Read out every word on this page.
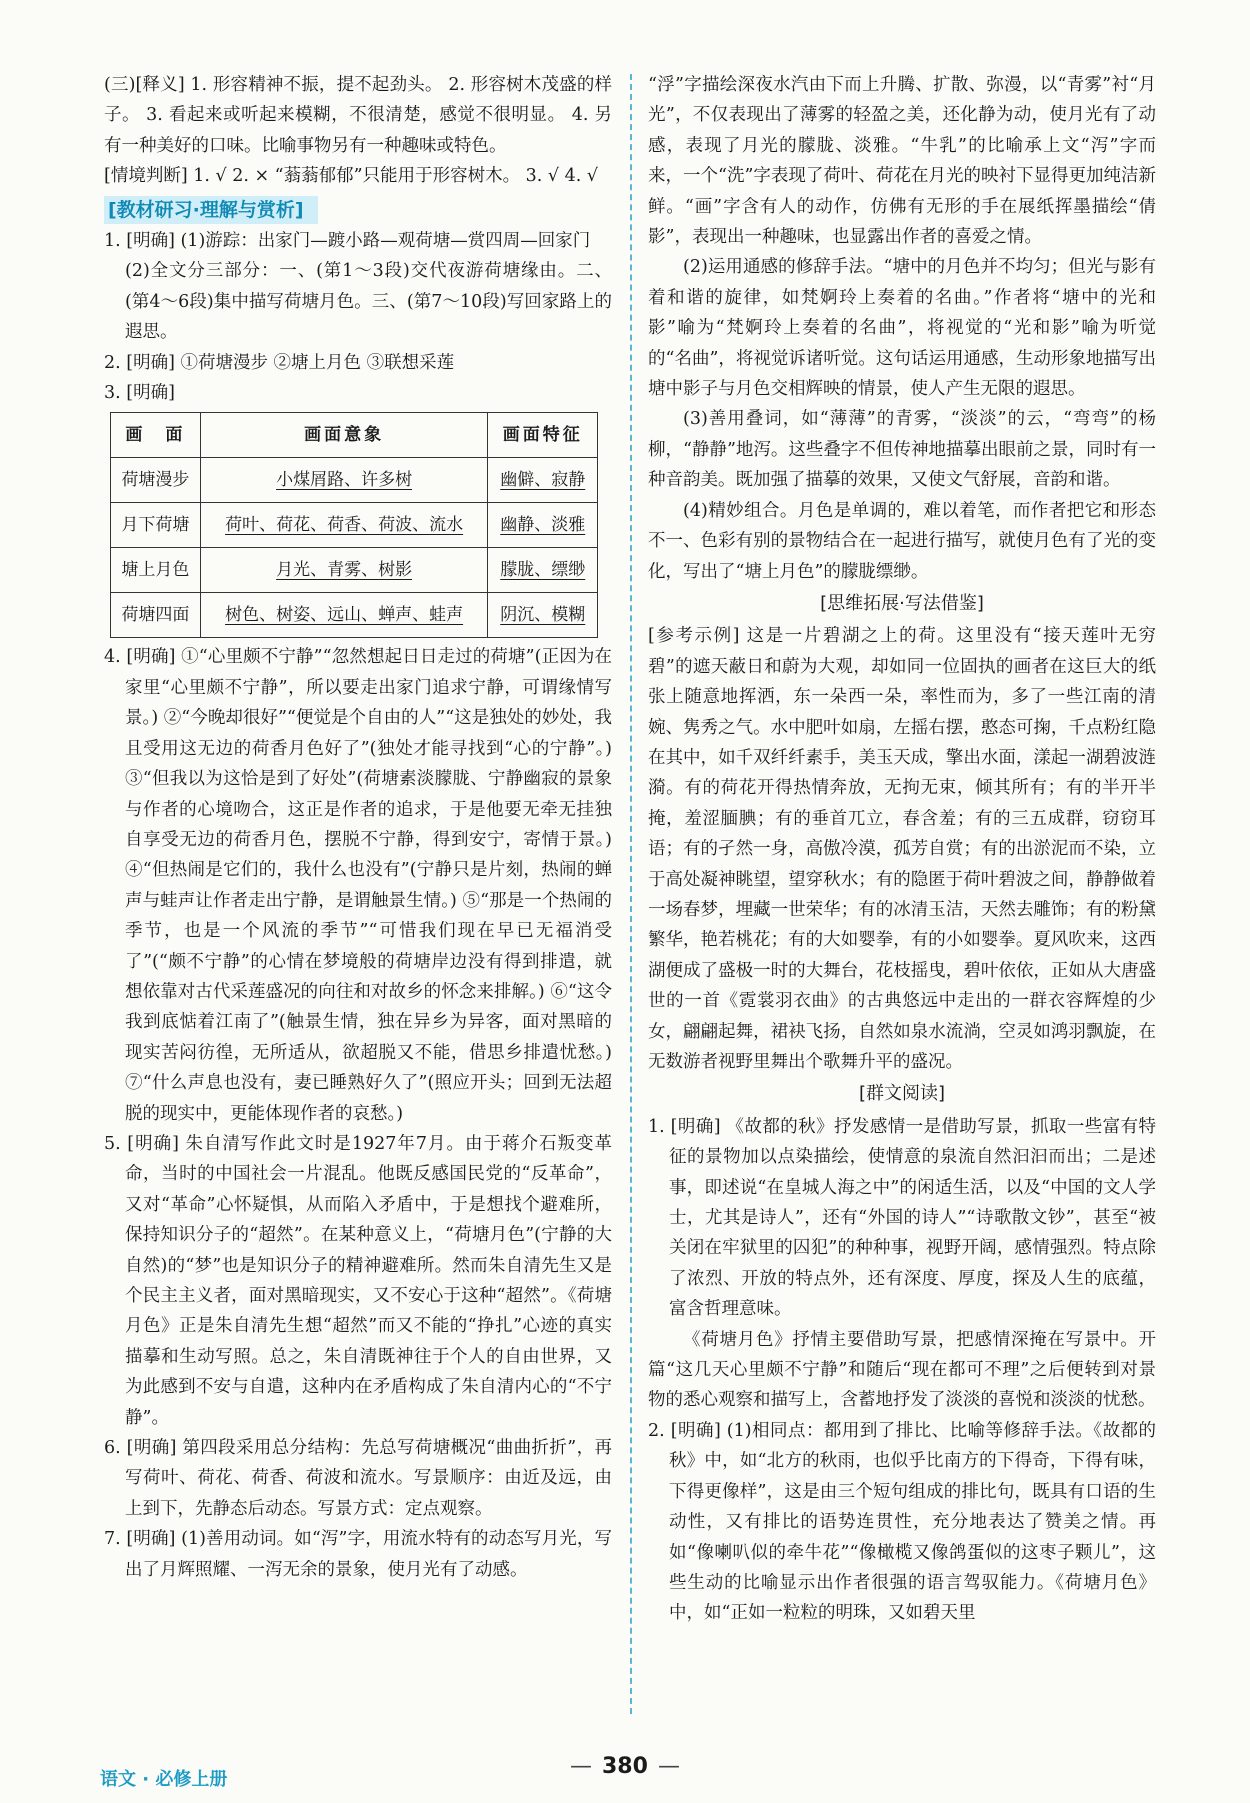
(三)[释义] 1. 形容精神不振，提不起劲头。 2. 形容树木茂盛的样子。 3. 看起来或听起来模糊，不很清楚，感觉不很明显。 4. 另有一种美好的口味。比喻事物另有一种趣味或特色。

[情境判断] 1. √ 2. × “蓊蓊郁郁”只能用于形容树木。 3. √ 4. √

[教材研习·理解与赏析]

1. [明确] (1)游踪：出家门—踱小路—观荷塘—赏四周—回家门

(2)全文分三部分：一、(第1～3段)交代夜游荷塘缘由。二、(第4～6段)集中描写荷塘月色。三、(第7～10段)写回家路上的遐思。

2. [明确] ①荷塘漫步 ②塘上月色 ③联想采莲

3. [明确]

画　面	画面意象	画面特征
荷塘漫步	小煤屑路、许多树	幽僻、寂静
月下荷塘	荷叶、荷花、荷香、荷波、流水	幽静、淡雅
塘上月色	月光、青雾、树影	朦胧、缥缈
荷塘四面	树色、树姿、远山、蝉声、蛙声	阴沉、模糊

4. [明确] ①“心里颇不宁静”“忽然想起日日走过的荷塘”(正因为在家里“心里颇不宁静”，所以要走出家门追求宁静，可谓缘情写景。) ②“今晚却很好”“便觉是个自由的人”“这是独处的妙处，我且受用这无边的荷香月色好了”(独处才能寻找到“心的宁静”。) ③“但我以为这恰是到了好处”(荷塘素淡朦胧、宁静幽寂的景象与作者的心境吻合，这正是作者的追求，于是他要无牵无挂独自享受无边的荷香月色，摆脱不宁静，得到安宁，寄情于景。) ④“但热闹是它们的，我什么也没有”(宁静只是片刻，热闹的蝉声与蛙声让作者走出宁静，是谓触景生情。) ⑤“那是一个热闹的季节，也是一个风流的季节”“可惜我们现在早已无福消受了”(“颇不宁静”的心情在梦境般的荷塘岸边没有得到排遣，就想依靠对古代采莲盛况的向往和对故乡的怀念来排解。) ⑥“这令我到底惦着江南了”(触景生情，独在异乡为异客，面对黑暗的现实苦闷彷徨，无所适从，欲超脱又不能，借思乡排遣忧愁。) ⑦“什么声息也没有，妻已睡熟好久了”(照应开头；回到无法超脱的现实中，更能体现作者的哀愁。)

5. [明确] 朱自清写作此文时是1927年7月。由于蒋介石叛变革命，当时的中国社会一片混乱。他既反感国民党的“反革命”，又对“革命”心怀疑惧，从而陷入矛盾中，于是想找个避难所，保持知识分子的“超然”。在某种意义上，“荷塘月色”(宁静的大自然)的“梦”也是知识分子的精神避难所。然而朱自清先生又是个民主主义者，面对黑暗现实，又不安心于这种“超然”。《荷塘月色》正是朱自清先生想“超然”而又不能的“挣扎”心迹的真实描摹和生动写照。总之，朱自清既神往于个人的自由世界，又为此感到不安与自遣，这种内在矛盾构成了朱自清内心的“不宁静”。

6. [明确] 第四段采用总分结构：先总写荷塘概况“曲曲折折”，再写荷叶、荷花、荷香、荷波和流水。写景顺序：由近及远，由上到下，先静态后动态。写景方式：定点观察。

7. [明确] (1)善用动词。如“泻”字，用流水特有的动态写月光，写出了月辉照耀、一泻无余的景象，使月光有了动感。

“浮”字描绘深夜水汽由下而上升腾、扩散、弥漫，以“青雾”衬“月光”，不仅表现出了薄雾的轻盈之美，还化静为动，使月光有了动感，表现了月光的朦胧、淡雅。“牛乳”的比喻承上文“泻”字而来，一个“洗”字表现了荷叶、荷花在月光的映衬下显得更加纯洁新鲜。“画”字含有人的动作，仿佛有无形的手在展纸挥墨描绘“倩影”，表现出一种趣味，也显露出作者的喜爱之情。

(2)运用通感的修辞手法。“塘中的月色并不均匀；但光与影有着和谐的旋律，如梵婀玲上奏着的名曲。”作者将“塘中的光和影”喻为“梵婀玲上奏着的名曲”，将视觉的“光和影”喻为听觉的“名曲”，将视觉诉诸听觉。这句话运用通感，生动形象地描写出塘中影子与月色交相辉映的情景，使人产生无限的遐思。

(3)善用叠词，如“薄薄”的青雾，“淡淡”的云，“弯弯”的杨柳，“静静”地泻。这些叠字不但传神地描摹出眼前之景，同时有一种音韵美。既加强了描摹的效果，又使文气舒展，音韵和谐。

(4)精妙组合。月色是单调的，难以着笔，而作者把它和形态不一、色彩有别的景物结合在一起进行描写，就使月色有了光的变化，写出了“塘上月色”的朦胧缥缈。

[思维拓展·写法借鉴]

[参考示例] 这是一片碧湖之上的荷。这里没有“接天莲叶无穷碧”的遮天蔽日和蔚为大观，却如同一位固执的画者在这巨大的纸张上随意地挥洒，东一朵西一朵，率性而为，多了一些江南的清婉、隽秀之气。水中肥叶如扇，左摇右摆，憨态可掬，千点粉红隐在其中，如千双纤纤素手，美玉天成，擎出水面，漾起一湖碧波涟漪。有的荷花开得热情奔放，无拘无束，倾其所有；有的半开半掩，羞涩腼腆；有的垂首兀立，春含羞；有的三五成群，窃窃耳语；有的孑然一身，高傲冷漠，孤芳自赏；有的出淤泥而不染，立于高处凝神眺望，望穿秋水；有的隐匿于荷叶碧波之间，静静做着一场春梦，埋藏一世荣华；有的冰清玉洁，天然去雕饰；有的粉黛繁华，艳若桃花；有的大如婴拳，有的小如婴拳。夏风吹来，这西湖便成了盛极一时的大舞台，花枝摇曳，碧叶依依，正如从大唐盛世的一首《霓裳羽衣曲》的古典悠远中走出的一群衣容辉煌的少女，翩翩起舞，裙袂飞扬，自然如泉水流淌，空灵如鸿羽飘旋，在无数游者视野里舞出个歌舞升平的盛况。

[群文阅读]

1. [明确] 《故都的秋》抒发感情一是借助写景，抓取一些富有特征的景物加以点染描绘，使情意的泉流自然汩汩而出；二是述事，即述说“在皇城人海之中”的闲适生活，以及“中国的文人学士，尤其是诗人”，还有“外国的诗人”“诗歌散文钞”，甚至“被关闭在牢狱里的囚犯”的种种事，视野开阔，感情强烈。特点除了浓烈、开放的特点外，还有深度、厚度，探及人生的底蕴，富含哲理意味。

《荷塘月色》抒情主要借助写景，把感情深掩在写景中。开篇“这几天心里颇不宁静”和随后“现在都可不理”之后便转到对景物的悉心观察和描写上，含蓄地抒发了淡淡的喜悦和淡淡的忧愁。

2. [明确] (1)相同点：都用到了排比、比喻等修辞手法。《故都的秋》中，如“北方的秋雨，也似乎比南方的下得奇，下得有味，下得更像样”，这是由三个短句组成的排比句，既具有口语的生动性，又有排比的语势连贯性，充分地表达了赞美之情。再如“像喇叭似的牵牛花”“像橄榄又像鸽蛋似的这枣子颗儿”，这些生动的比喻显示出作者很强的语言驾驭能力。《荷塘月色》中，如“正如一粒粒的明珠，又如碧天里

语文 · 必修上册
— 380 —
